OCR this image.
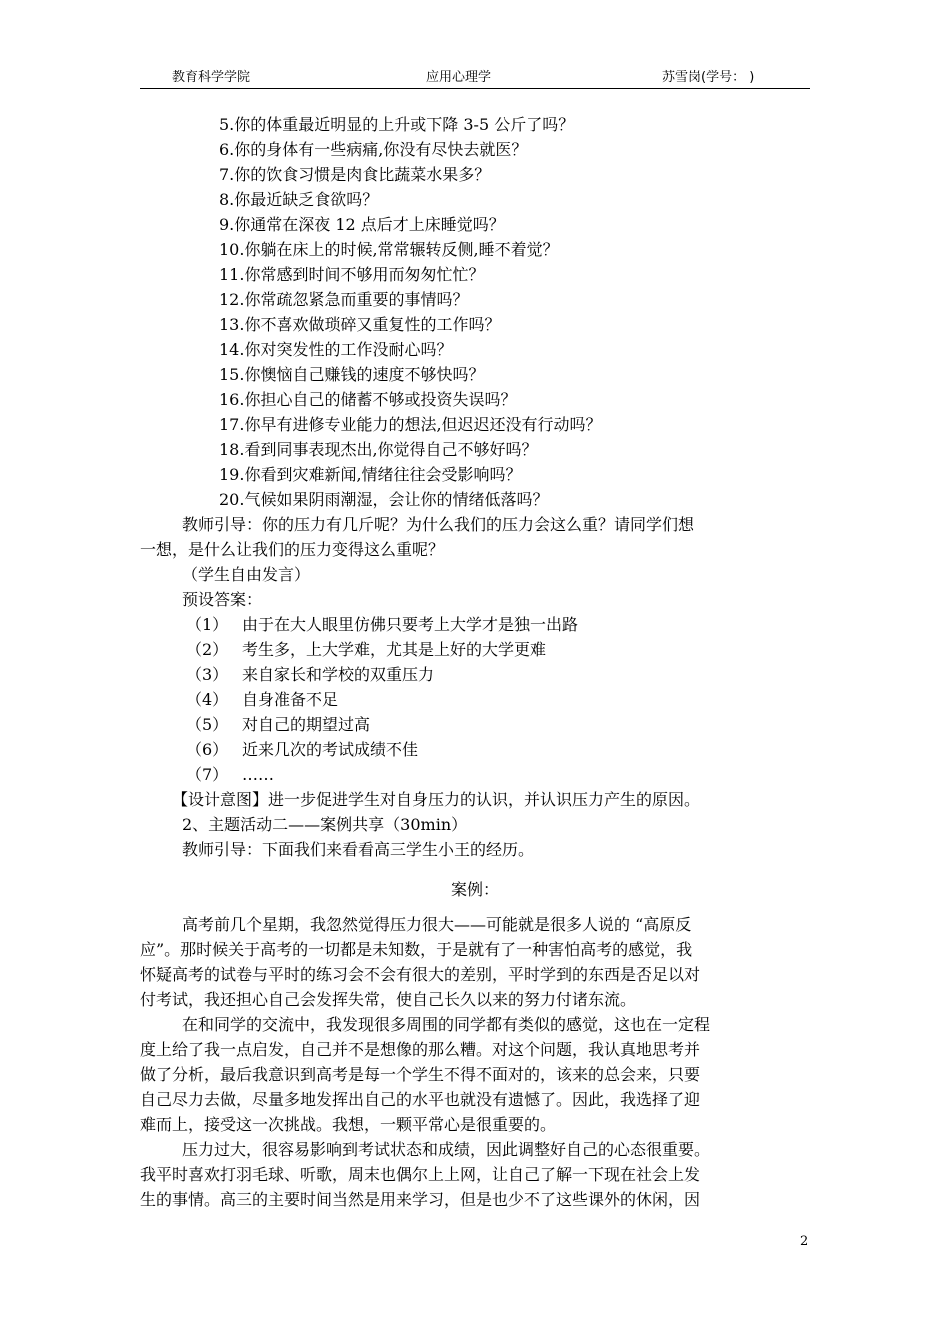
教育科学学院	应用心理学	苏雪岗(学号： )
5.你的体重最近明显的上升或下降 3-5 公斤了吗？
6.你的身体有一些病痛,你没有尽快去就医？
7.你的饮食习惯是肉食比蔬菜水果多？
8.你最近缺乏食欲吗？
9.你通常在深夜 12 点后才上床睡觉吗？
10.你躺在床上的时候,常常辗转反侧,睡不着觉？
11.你常感到时间不够用而匆匆忙忙？
12.你常疏忽紧急而重要的事情吗？
13.你不喜欢做琐碎又重复性的工作吗？
14.你对突发性的工作没耐心吗？
15.你懊恼自己赚钱的速度不够快吗？
16.你担心自己的储蓄不够或投资失误吗？
17.你早有进修专业能力的想法,但迟迟还没有行动吗？
18.看到同事表现杰出,你觉得自己不够好吗？
19.你看到灾难新闻,情绪往往会受影响吗？
20.气候如果阴雨潮湿，会让你的情绪低落吗？
教师引导：你的压力有几斤呢？为什么我们的压力会这么重？请同学们想
一想，是什么让我们的压力变得这么重呢？
（学生自由发言）
预设答案：
（1） 由于在大人眼里仿佛只要考上大学才是独一出路
（2） 考生多，上大学难，尤其是上好的大学更难
（3） 来自家长和学校的双重压力
（4） 自身准备不足
（5） 对自己的期望过高
（6） 近来几次的考试成绩不佳
（7） ……
【设计意图】进一步促进学生对自身压力的认识，并认识压力产生的原因。
2、主题活动二——案例共享（30min）
教师引导：下面我们来看看高三学生小王的经历。
案例：
高考前几个星期，我忽然觉得压力很大——可能就是很多人说的 “高原反
应”。那时候关于高考的一切都是未知数，于是就有了一种害怕高考的感觉，我
怀疑高考的试卷与平时的练习会不会有很大的差别，平时学到的东西是否足以对
付考试，我还担心自己会发挥失常，使自己长久以来的努力付诸东流。
在和同学的交流中，我发现很多周围的同学都有类似的感觉，这也在一定程
度上给了我一点启发，自己并不是想像的那么糟。对这个问题，我认真地思考并
做了分析，最后我意识到高考是每一个学生不得不面对的，该来的总会来，只要
自己尽力去做，尽量多地发挥出自己的水平也就没有遗憾了。因此，我选择了迎
难而上，接受这一次挑战。我想，一颗平常心是很重要的。
压力过大，很容易影响到考试状态和成绩，因此调整好自己的心态很重要。
我平时喜欢打羽毛球、听歌，周末也偶尔上上网，让自己了解一下现在社会上发
生的事情。高三的主要时间当然是用来学习，但是也少不了这些课外的休闲，因
2
